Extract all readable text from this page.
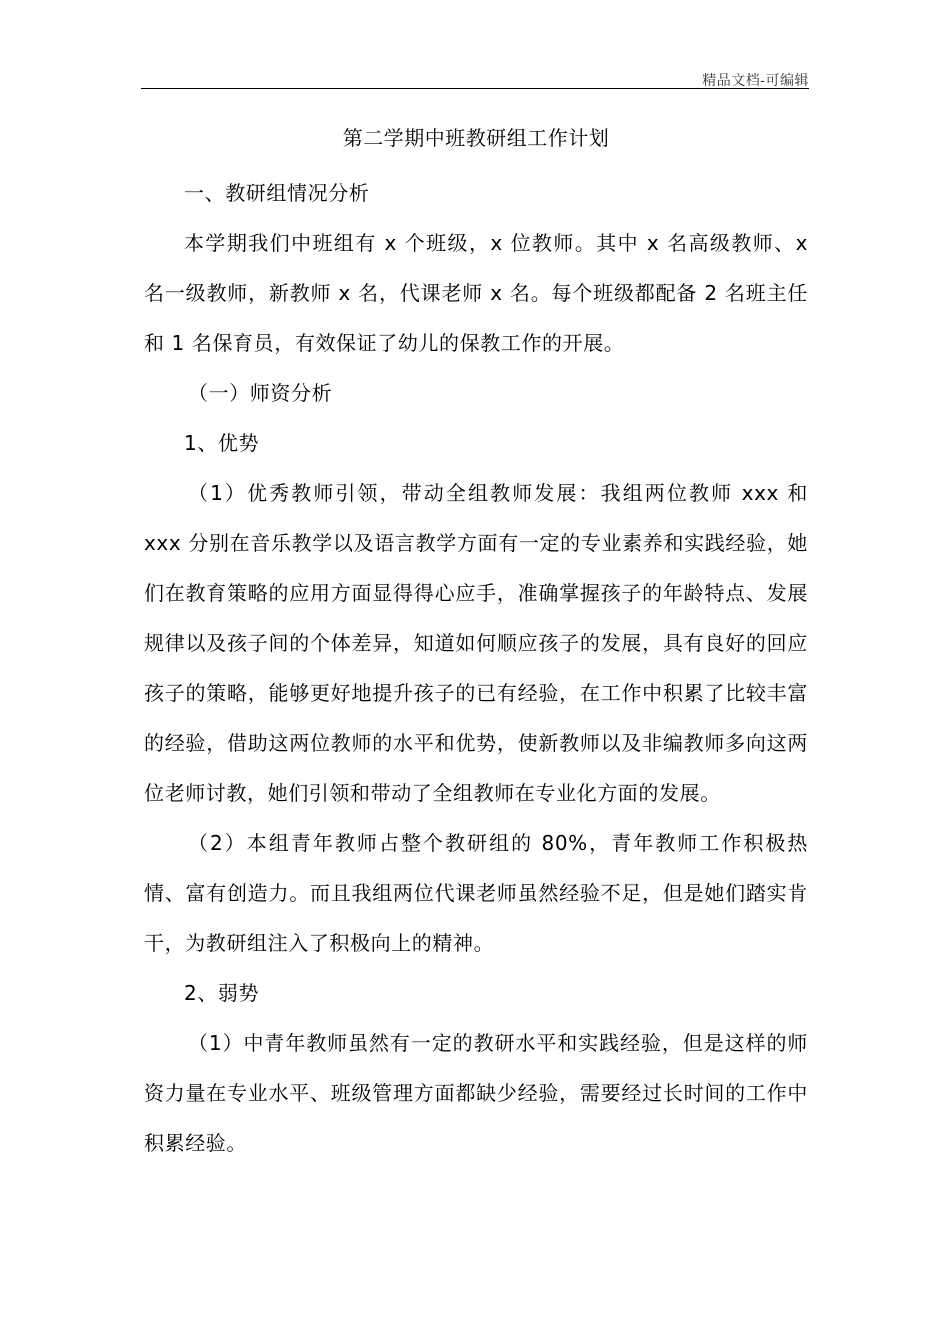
精品文档-可编辑
第二学期中班教研组工作计划

一、教研组情况分析

本学期我们中班组有 x 个班级，x 位教师。其中 x 名高级教师、x 名一级教师，新教师 x 名，代课老师 x 名。每个班级都配备 2 名班主任和 1 名保育员，有效保证了幼儿的保教工作的开展。

（一）师资分析

1、优势

（1）优秀教师引领，带动全组教师发展：我组两位教师 xxx 和 xxx 分别在音乐教学以及语言教学方面有一定的专业素养和实践经验，她们在教育策略的应用方面显得得心应手，准确掌握孩子的年龄特点、发展规律以及孩子间的个体差异，知道如何顺应孩子的发展，具有良好的回应孩子的策略，能够更好地提升孩子的已有经验，在工作中积累了比较丰富的经验，借助这两位教师的水平和优势，使新教师以及非编教师多向这两位老师讨教，她们引领和带动了全组教师在专业化方面的发展。

（2）本组青年教师占整个教研组的 80%，青年教师工作积极热情、富有创造力。而且我组两位代课老师虽然经验不足，但是她们踏实肯干，为教研组注入了积极向上的精神。

2、弱势

（1）中青年教师虽然有一定的教研水平和实践经验，但是这样的师资力量在专业水平、班级管理方面都缺少经验，需要经过长时间的工作中积累经验。
